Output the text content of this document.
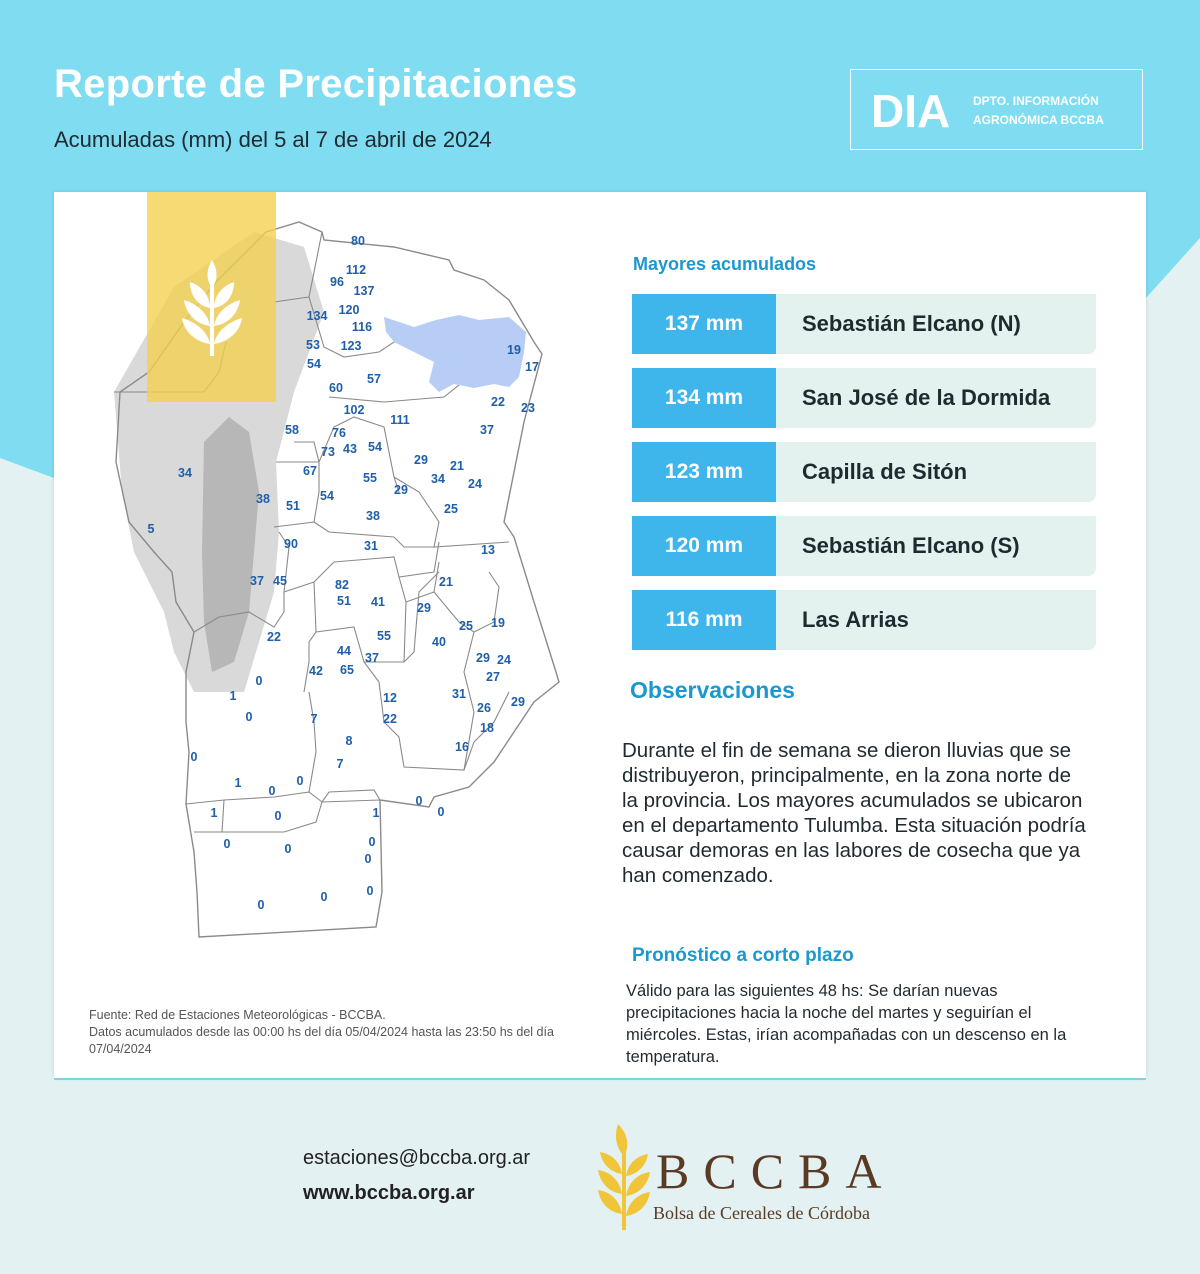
Reporte de Precipitaciones
Acumuladas (mm) del 5 al 7 de abril de 2024
DIA DPTO. INFORMACIÓN AGRONÓMICA BCCBA
80
112
96
137
134 120
116
53 123
54
57
60
102
111
58	76
73 43 54
67
34	55
29 21
34 24
29
54
38 51	25
38
5
90	31	13
19
17
22 23
37
21
37 45	82
51 41	29
25 19
22	55	40
44 37	29 24
65
42	27
0
1	31
12	29
26
0	7	22
18
8	16
0	7
1	0
0
0
0
1	0	1
0	0
0
0
0
0
0
Fuente: Red de Estaciones Meteorológicas - BCCBA.
Datos acumulados desde las 00:00 hs del día 05/04/2024 hasta las 23:50 hs del día 07/04/2024
Mayores acumulados
137 mm	Sebastián Elcano (N)
134 mm	San José de la Dormida
123 mm	Capilla de Sitón
120 mm	Sebastián Elcano (S)
116 mm	Las Arrias
Observaciones
Durante el fin de semana se dieron lluvias que se distribuyeron, principalmente, en la zona norte de la provincia. Los mayores acumulados se ubicaron en el departamento Tulumba. Esta situación podría causar demoras en las labores de cosecha que ya han comenzado.
Pronóstico a corto plazo
Válido para las siguientes 48 hs: Se darían nuevas precipitaciones hacia la noche del martes y seguirían el miércoles. Estas, irían acompañadas con un descenso en la temperatura.
estaciones@bccba.org.ar
www.bccba.org.ar	BCCBA
Bolsa de Cereales de Córdoba
